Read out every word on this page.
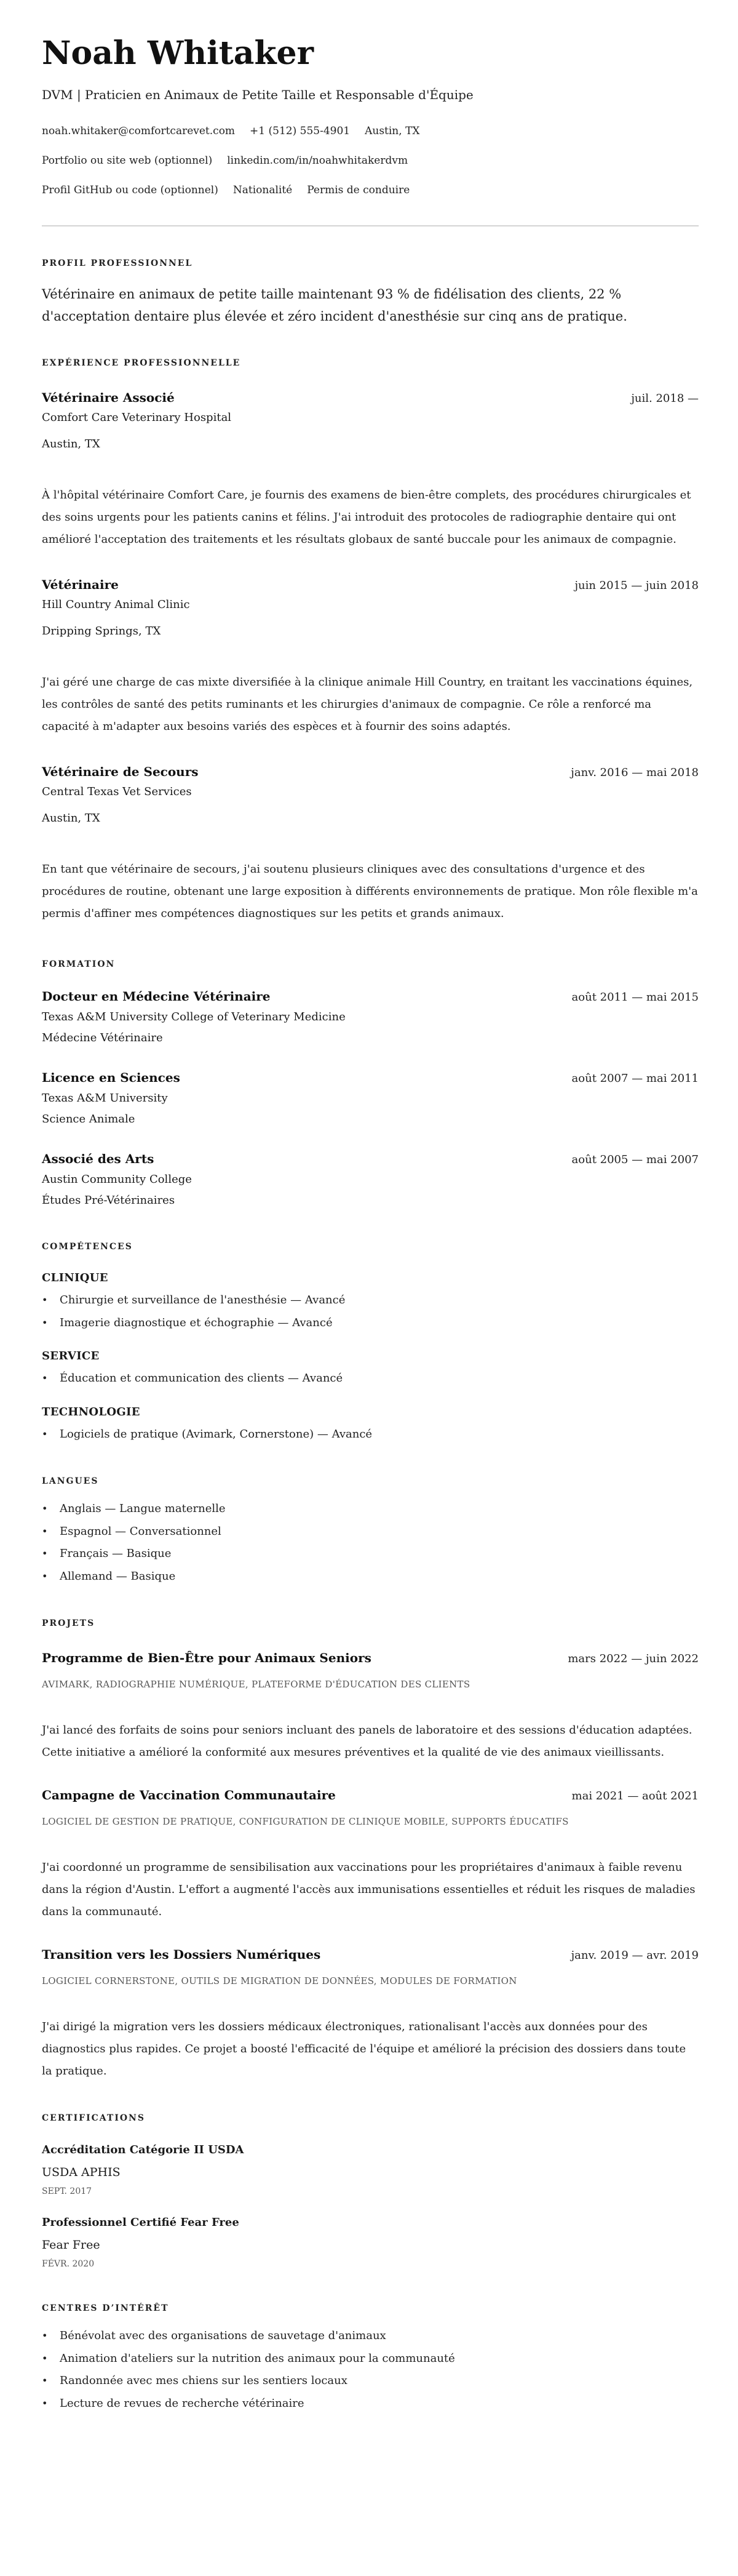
Noah Whitaker
DVM | Praticien en Animaux de Petite Taille et Responsable d'Équipe
noah.whitaker@comfortcarevet.com +1 (512) 555-4901 Austin, TX
Portfolio ou site web (optionnel) linkedin.com/in/noahwhitakerdvm
Profil GitHub ou code (optionnel) Nationalité Permis de conduire
PROFIL PROFESSIONNEL
Vétérinaire en animaux de petite taille maintenant 93 % de fidélisation des clients, 22 % d'acceptation dentaire plus élevée et zéro incident d'anesthésie sur cinq ans de pratique.
EXPÉRIENCE PROFESSIONNELLE
Vétérinaire Associé	juil. 2018 —
Comfort Care Veterinary Hospital
Austin, TX
À l'hôpital vétérinaire Comfort Care, je fournis des examens de bien-être complets, des procédures chirurgicales et des soins urgents pour les patients canins et félins. J'ai introduit des protocoles de radiographie dentaire qui ont amélioré l'acceptation des traitements et les résultats globaux de santé buccale pour les animaux de compagnie.
Vétérinaire	juin 2015 — juin 2018
Hill Country Animal Clinic
Dripping Springs, TX
J'ai géré une charge de cas mixte diversifiée à la clinique animale Hill Country, en traitant les vaccinations équines, les contrôles de santé des petits ruminants et les chirurgies d'animaux de compagnie. Ce rôle a renforcé ma capacité à m'adapter aux besoins variés des espèces et à fournir des soins adaptés.
Vétérinaire de Secours	janv. 2016 — mai 2018
Central Texas Vet Services
Austin, TX
En tant que vétérinaire de secours, j'ai soutenu plusieurs cliniques avec des consultations d'urgence et des procédures de routine, obtenant une large exposition à différents environnements de pratique. Mon rôle flexible m'a permis d'affiner mes compétences diagnostiques sur les petits et grands animaux.
FORMATION
Docteur en Médecine Vétérinaire	août 2011 — mai 2015
Texas A&M University College of Veterinary Medicine
Médecine Vétérinaire
Licence en Sciences	août 2007 — mai 2011
Texas A&M University
Science Animale
Associé des Arts	août 2005 — mai 2007
Austin Community College
Études Pré-Vétérinaires
COMPÉTENCES
CLINIQUE
• Chirurgie et surveillance de l'anesthésie — Avancé
• Imagerie diagnostique et échographie — Avancé
SERVICE
• Éducation et communication des clients — Avancé
TECHNOLOGIE
• Logiciels de pratique (Avimark, Cornerstone) — Avancé
LANGUES
• Anglais — Langue maternelle
• Espagnol — Conversationnel
• Français — Basique
• Allemand — Basique
PROJETS
Programme de Bien-Être pour Animaux Seniors	mars 2022 — juin 2022
AVIMARK, RADIOGRAPHIE NUMÉRIQUE, PLATEFORME D'ÉDUCATION DES CLIENTS
J'ai lancé des forfaits de soins pour seniors incluant des panels de laboratoire et des sessions d'éducation adaptées. Cette initiative a amélioré la conformité aux mesures préventives et la qualité de vie des animaux vieillissants.
Campagne de Vaccination Communautaire	mai 2021 — août 2021
LOGICIEL DE GESTION DE PRATIQUE, CONFIGURATION DE CLINIQUE MOBILE, SUPPORTS ÉDUCATIFS
J'ai coordonné un programme de sensibilisation aux vaccinations pour les propriétaires d'animaux à faible revenu dans la région d'Austin. L'effort a augmenté l'accès aux immunisations essentielles et réduit les risques de maladies dans la communauté.
Transition vers les Dossiers Numériques	janv. 2019 — avr. 2019
LOGICIEL CORNERSTONE, OUTILS DE MIGRATION DE DONNÉES, MODULES DE FORMATION
J'ai dirigé la migration vers les dossiers médicaux électroniques, rationalisant l'accès aux données pour des diagnostics plus rapides. Ce projet a boosté l'efficacité de l'équipe et amélioré la précision des dossiers dans toute la pratique.
CERTIFICATIONS
Accréditation Catégorie II USDA
USDA APHIS
SEPT. 2017
Professionnel Certifié Fear Free
Fear Free
FÉVR. 2020
CENTRES D’INTÉRÊT
• Bénévolat avec des organisations de sauvetage d'animaux
• Animation d'ateliers sur la nutrition des animaux pour la communauté
• Randonnée avec mes chiens sur les sentiers locaux
• Lecture de revues de recherche vétérinaire
